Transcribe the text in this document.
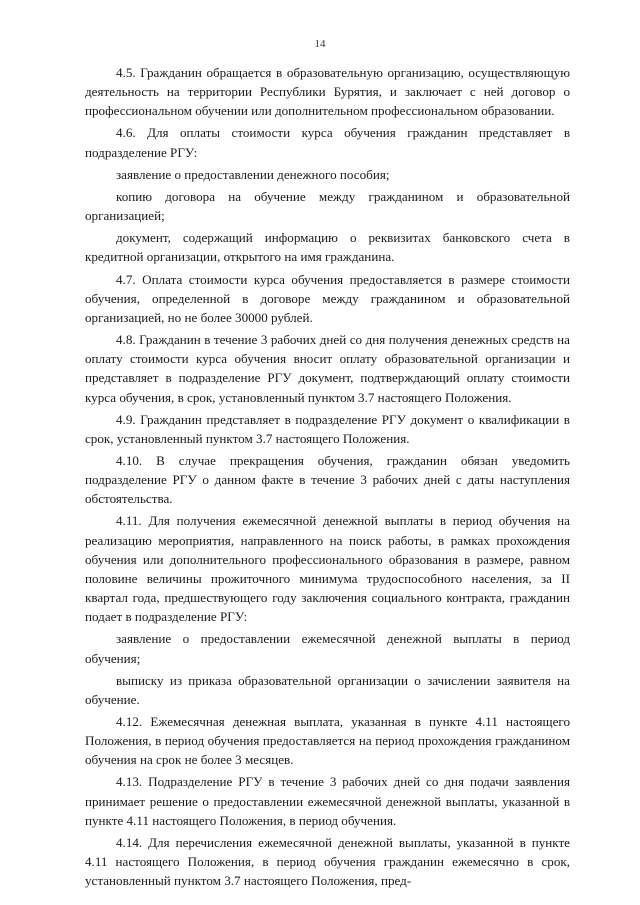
14

4.5. Гражданин обращается в образовательную организацию, осуществляющую деятельность на территории Республики Бурятия, и заключает с ней договор о профессиональном обучении или дополнительном профессиональном образовании.

4.6. Для оплаты стоимости курса обучения гражданин представляет в подразделение РГУ:

заявление о предоставлении денежного пособия;

копию договора на обучение между гражданином и образовательной организацией;

документ, содержащий информацию о реквизитах банковского счета в кредитной организации, открытого на имя гражданина.

4.7. Оплата стоимости курса обучения предоставляется в размере стоимости обучения, определенной в договоре между гражданином и образовательной организацией, но не более 30000 рублей.

4.8. Гражданин в течение 3 рабочих дней со дня получения денежных средств на оплату стоимости курса обучения вносит оплату образовательной организации и представляет в подразделение РГУ документ, подтверждающий оплату стоимости курса обучения, в срок, установленный пунктом 3.7 настоящего Положения.

4.9. Гражданин представляет в подразделение РГУ документ о квалификации в срок, установленный пунктом 3.7 настоящего Положения.

4.10. В случае прекращения обучения, гражданин обязан уведомить подразделение РГУ о данном факте в течение 3 рабочих дней с даты наступления обстоятельства.

4.11. Для получения ежемесячной денежной выплаты в период обучения на реализацию мероприятия, направленного на поиск работы, в рамках прохождения обучения или дополнительного профессионального образования в размере, равном половине величины прожиточного минимума трудоспособного населения, за II квартал года, предшествующего году заключения социального контракта, гражданин подает в подразделение РГУ:

заявление о предоставлении ежемесячной денежной выплаты в период обучения;

выписку из приказа образовательной организации о зачислении заявителя на обучение.

4.12. Ежемесячная денежная выплата, указанная в пункте 4.11 настоящего Положения, в период обучения предоставляется на период прохождения гражданином обучения на срок не более 3 месяцев.

4.13. Подразделение РГУ в течение 3 рабочих дней со дня подачи заявления принимает решение о предоставлении ежемесячной денежной выплаты, указанной в пункте 4.11 настоящего Положения, в период обучения.

4.14. Для перечисления ежемесячной денежной выплаты, указанной в пункте 4.11 настоящего Положения, в период обучения гражданин ежемесячно в срок, установленный пунктом 3.7 настоящего Положения, пред-
